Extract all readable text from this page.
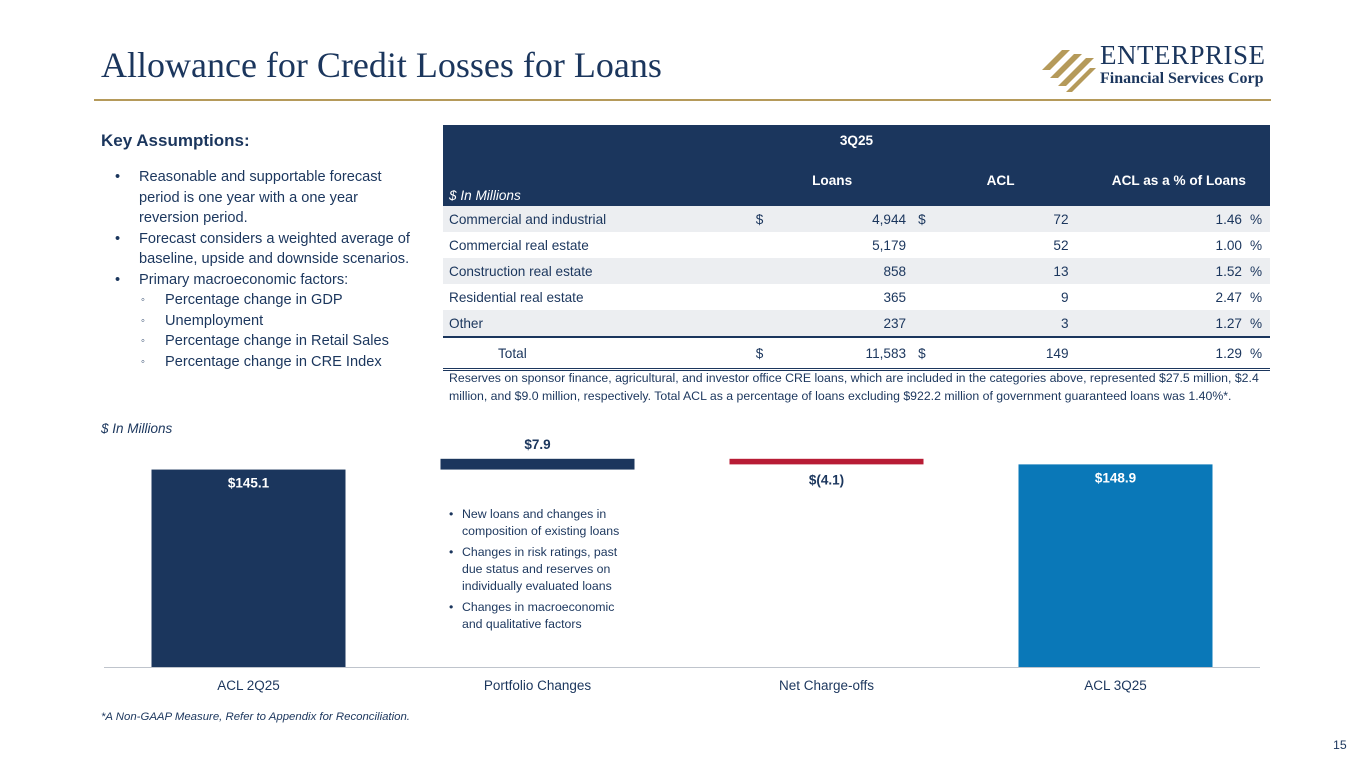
Allowance for Credit Losses for Loans	ENTERPRISE
Financial Services Corp
Key Assumptions:
• Reasonable and supportable forecast period is one year with a one year reversion period.
• Forecast considers a weighted average of baseline, upside and downside scenarios.
• Primary macroeconomic factors:
◦ Percentage change in GDP
◦ Unemployment
◦ Percentage change in Retail Sales
◦ Percentage change in CRE Index
3Q25						
$ In Millions	Loans		ACL		ACL as a % of Loans	
Commercial and industrial	$	4,944	$	72	1.46	%
Commercial real estate		5,179		52	1.00	%
Construction real estate		858		13	1.52	%
Residential real estate		365		9	2.47	%
Other		237		3	1.27	%
Total	$	11,583	$	149	1.29	%
Reserves on sponsor finance, agricultural, and investor office CRE loans, which are included in the categories above, represented $27.5 million, $2.4 million, and $9.0 million, respectively. Total ACL as a percentage of loans excluding $922.2 million of government guaranteed loans was 1.40%*.
$ In Millions
$145.1
ACL 2Q25
$7.9
Portfolio Changes
$(4.1)
Net Charge-offs
$148.9
ACL 3Q25
• New loans and changes in composition of existing loans
• Changes in risk ratings, past due status and reserves on individually evaluated loans
• Changes in macroeconomic and qualitative factors
*A Non-GAAP Measure, Refer to Appendix for Reconciliation.
15
